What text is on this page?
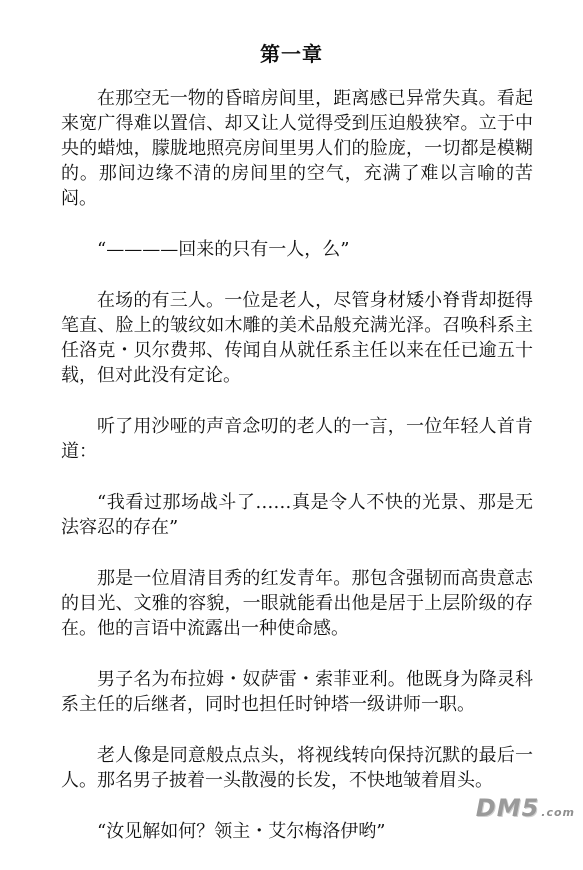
第一章

在那空无一物的昏暗房间里，距离感已异常失真。看起来宽广得难以置信、却又让人觉得受到压迫般狭窄。立于中央的蜡烛，朦胧地照亮房间里男人们的脸庞，一切都是模糊的。那间边缘不清的房间里的空气，充满了难以言喻的苦闷。

“————回来的只有一人，么”

在场的有三人。一位是老人，尽管身材矮小脊背却挺得笔直、脸上的皱纹如木雕的美术品般充满光泽。召唤科系主任洛克・贝尔费邦、传闻自从就任系主任以来在任已逾五十载，但对此没有定论。

听了用沙哑的声音念叨的老人的一言，一位年轻人首肯道：

“我看过那场战斗了……真是令人不快的光景、那是无法容忍的存在”

那是一位眉清目秀的红发青年。那包含强韧而高贵意志的目光、文雅的容貌，一眼就能看出他是居于上层阶级的存在。他的言语中流露出一种使命感。

男子名为布拉姆・奴萨雷・索菲亚利。他既身为降灵科系主任的后继者，同时也担任时钟塔一级讲师一职。

老人像是同意般点点头，将视线转向保持沉默的最后一人。那名男子披着一头散漫的长发，不快地皱着眉头。

“汝见解如何？领主・艾尔梅洛伊哟”

DM5 .com
